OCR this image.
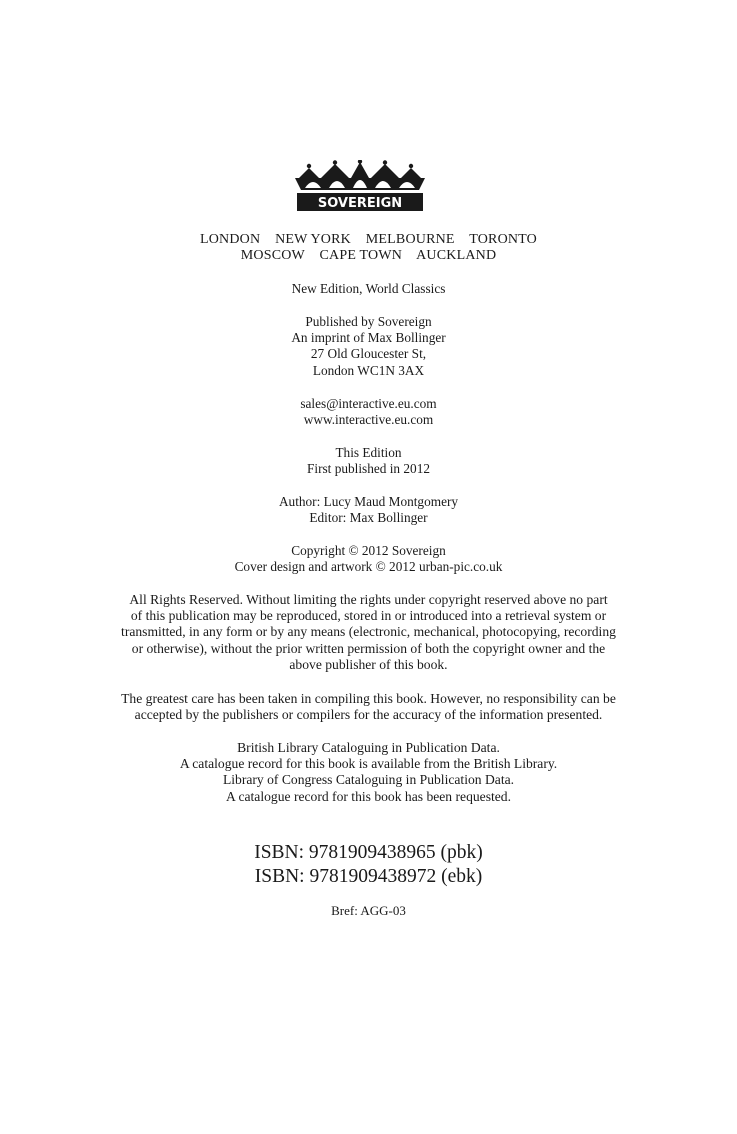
SOVEREIGN
LONDON    NEW YORK    MELBOURNE    TORONTO
MOSCOW    CAPE TOWN    AUCKLAND
New Edition, World Classics
Published by Sovereign
An imprint of Max Bollinger
27 Old Gloucester St,
London WC1N 3AX
sales@interactive.eu.com
www.interactive.eu.com
This Edition
First published in 2012
Author: Lucy Maud Montgomery
Editor: Max Bollinger
Copyright © 2012 Sovereign
Cover design and artwork © 2012 urban-pic.co.uk
All Rights Reserved. Without limiting the rights under copyright reserved above no part
of this publication may be reproduced, stored in or introduced into a retrieval system or
transmitted, in any form or by any means (electronic, mechanical, photocopying, recording
or otherwise), without the prior written permission of both the copyright owner and the
above publisher of this book.
The greatest care has been taken in compiling this book. However, no responsibility can be
accepted by the publishers or compilers for the accuracy of the information presented.
British Library Cataloguing in Publication Data.
A catalogue record for this book is available from the British Library.
Library of Congress Cataloguing in Publication Data.
A catalogue record for this book has been requested.
ISBN: 9781909438965 (pbk)
ISBN: 9781909438972 (ebk)
Bref: AGG-03
